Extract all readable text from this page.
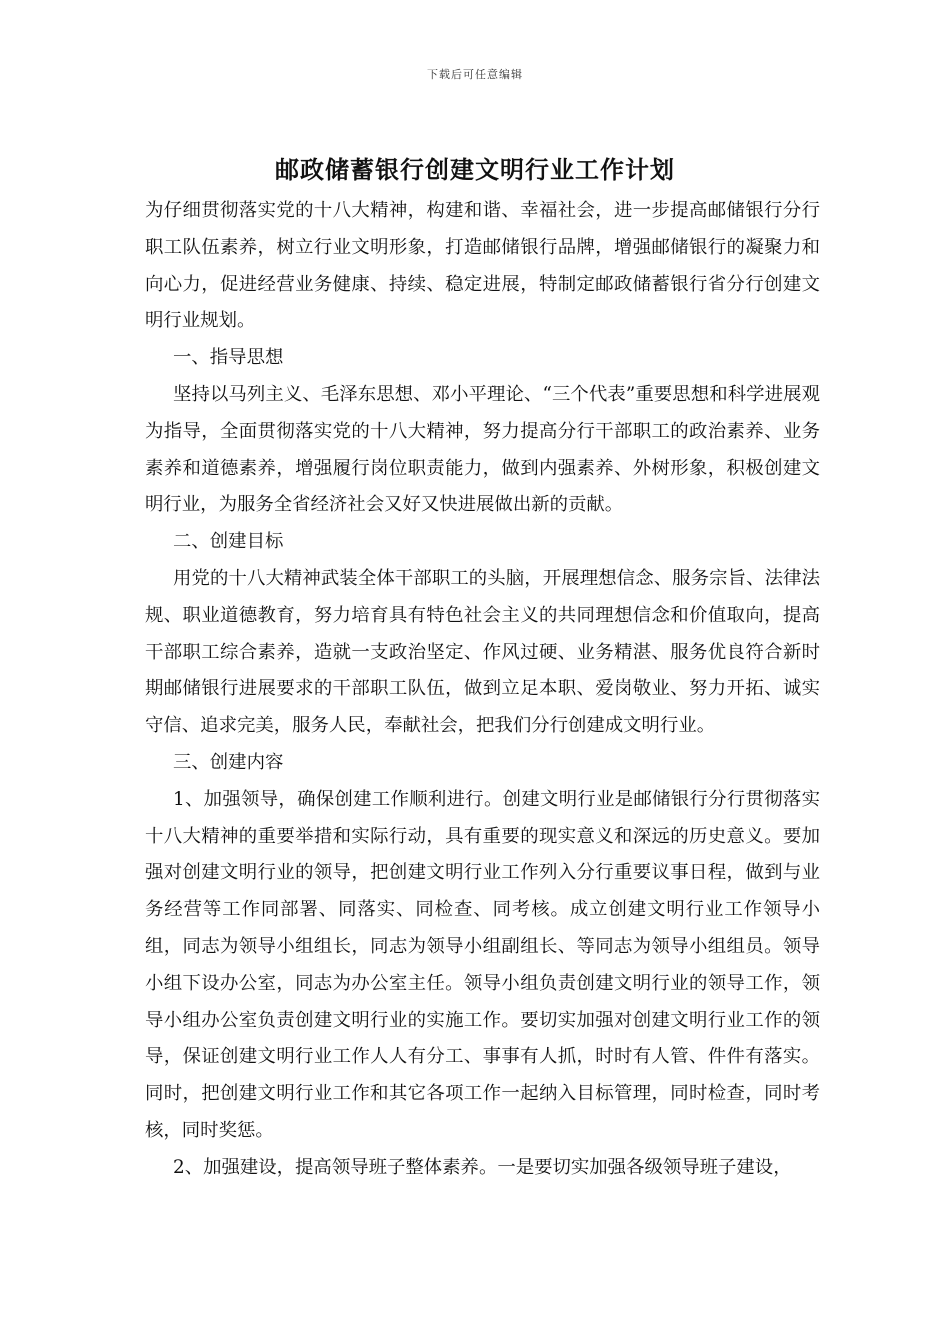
下载后可任意编辑
邮政储蓄银行创建文明行业工作计划

为仔细贯彻落实党的十八大精神，构建和谐、幸福社会，进一步提高邮储银行分行职工队伍素养，树立行业文明形象，打造邮储银行品牌，增强邮储银行的凝聚力和向心力，促进经营业务健康、持续、稳定进展，特制定邮政储蓄银行省分行创建文明行业规划。

一、指导思想

坚持以马列主义、毛泽东思想、邓小平理论、“三个代表”重要思想和科学进展观为指导，全面贯彻落实党的十八大精神，努力提高分行干部职工的政治素养、业务素养和道德素养，增强履行岗位职责能力，做到内强素养、外树形象，积极创建文明行业，为服务全省经济社会又好又快进展做出新的贡献。

二、创建目标

用党的十八大精神武装全体干部职工的头脑，开展理想信念、服务宗旨、法律法规、职业道德教育，努力培育具有特色社会主义的共同理想信念和价值取向，提高干部职工综合素养，造就一支政治坚定、作风过硬、业务精湛、服务优良符合新时期邮储银行进展要求的干部职工队伍，做到立足本职、爱岗敬业、努力开拓、诚实守信、追求完美，服务人民，奉献社会，把我们分行创建成文明行业。

三、创建内容

1、加强领导，确保创建工作顺利进行。创建文明行业是邮储银行分行贯彻落实十八大精神的重要举措和实际行动，具有重要的现实意义和深远的历史意义。要加强对创建文明行业的领导，把创建文明行业工作列入分行重要议事日程，做到与业务经营等工作同部署、同落实、同检查、同考核。成立创建文明行业工作领导小组，同志为领导小组组长，同志为领导小组副组长、等同志为领导小组组员。领导小组下设办公室，同志为办公室主任。领导小组负责创建文明行业的领导工作，领导小组办公室负责创建文明行业的实施工作。要切实加强对创建文明行业工作的领导，保证创建文明行业工作人人有分工、事事有人抓，时时有人管、件件有落实。同时，把创建文明行业工作和其它各项工作一起纳入目标管理，同时检查，同时考核，同时奖惩。

2、加强建设，提高领导班子整体素养。一是要切实加强各级领导班子建设，
